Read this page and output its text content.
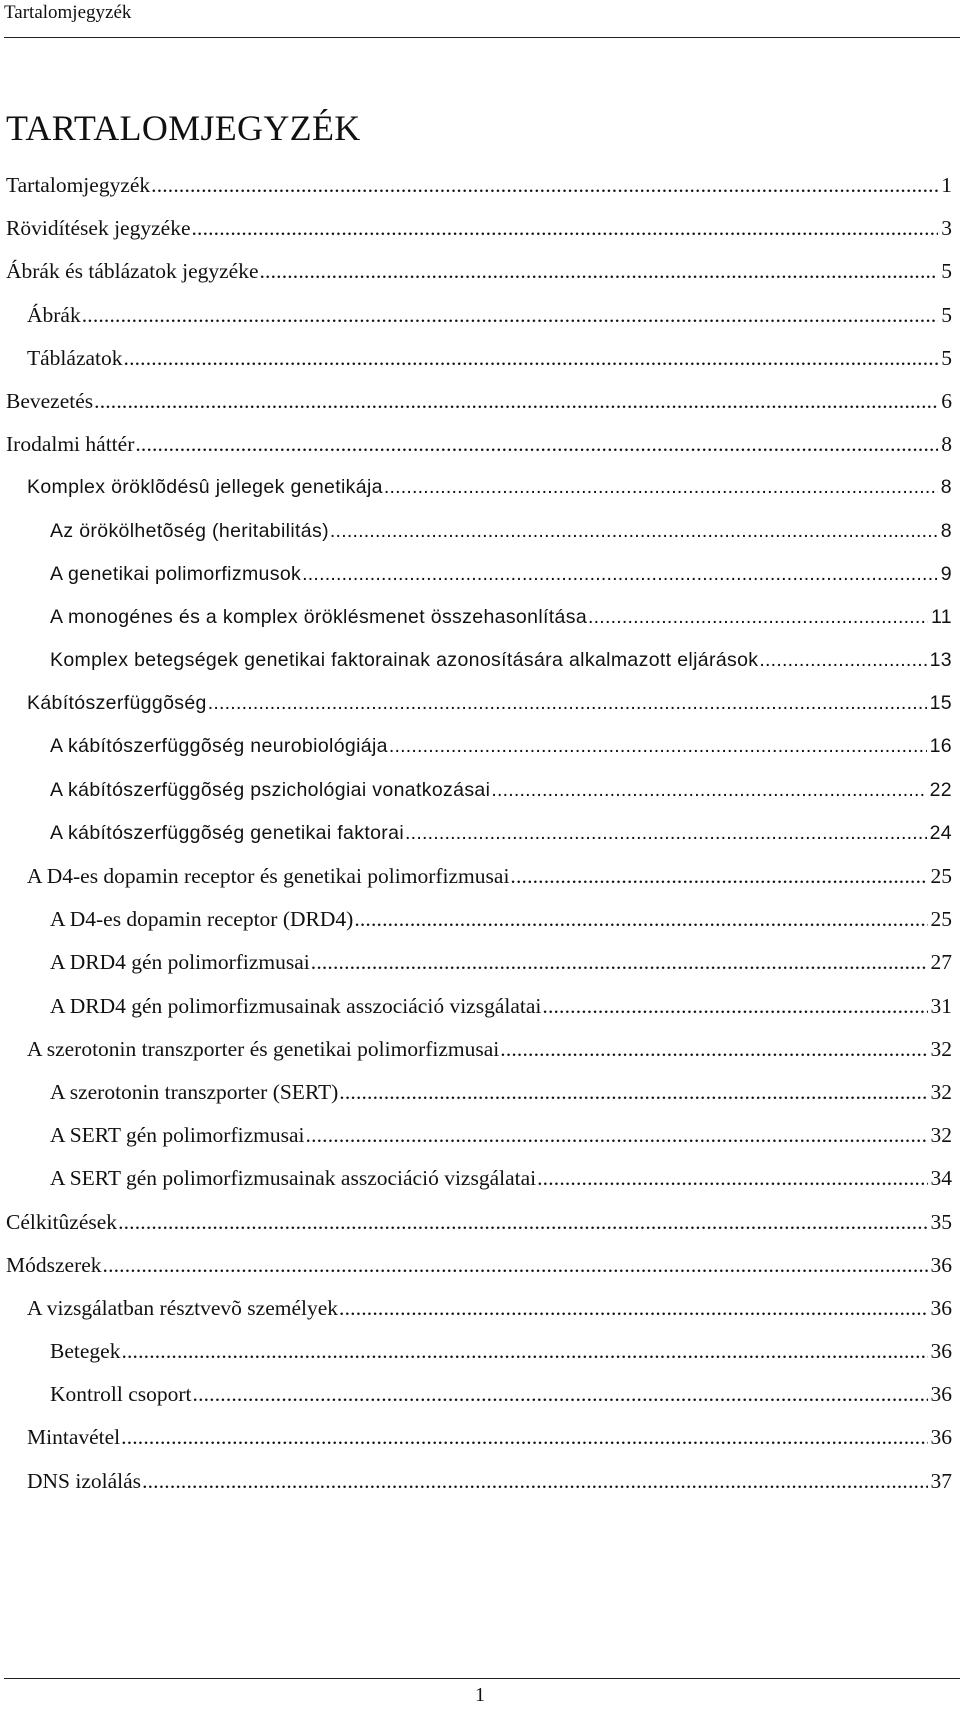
Tartalomjegyzék
TARTALOMJEGYZÉK
Tartalomjegyzék . . .	1
Rövidítések jegyzéke . . .	3
Ábrák és táblázatok jegyzéke . . .	5
Ábrák . . .	5
Táblázatok . . .	5
Bevezetés . . .	6
Irodalmi háttér . . .	8
Komplex öröklõdésû jellegek genetikája . . .	8
Az örökölhetõség (heritabilitás) . . .	8
A genetikai polimorfizmusok . . .	9
A monogénes és a komplex öröklésmenet összehasonlítása . . .	11
Komplex betegségek genetikai faktorainak azonosítására alkalmazott eljárások . . .	13
Kábítószerfüggõség . . .	15
A kábítószerfüggõség neurobiológiája . . .	16
A kábítószerfüggõség pszichológiai vonatkozásai . . .	22
A kábítószerfüggõség genetikai faktorai . . .	24
A D4-es dopamin receptor és genetikai polimorfizmusai . . .	25
A D4-es dopamin receptor (DRD4) . . .	25
A DRD4 gén polimorfizmusai . . .	27
A DRD4 gén polimorfizmusainak asszociáció vizsgálatai . . .	31
A szerotonin transzporter és genetikai polimorfizmusai . . .	32
A szerotonin transzporter (SERT) . . .	32
A SERT gén polimorfizmusai . . .	32
A SERT gén polimorfizmusainak asszociáció vizsgálatai . . .	34
Célkitûzések . . .	35
Módszerek . . .	36
A vizsgálatban résztvevõ személyek . . .	36
Betegek . . .	36
Kontroll csoport . . .	36
Mintavétel . . .	36
DNS izolálás . . .	37
1
